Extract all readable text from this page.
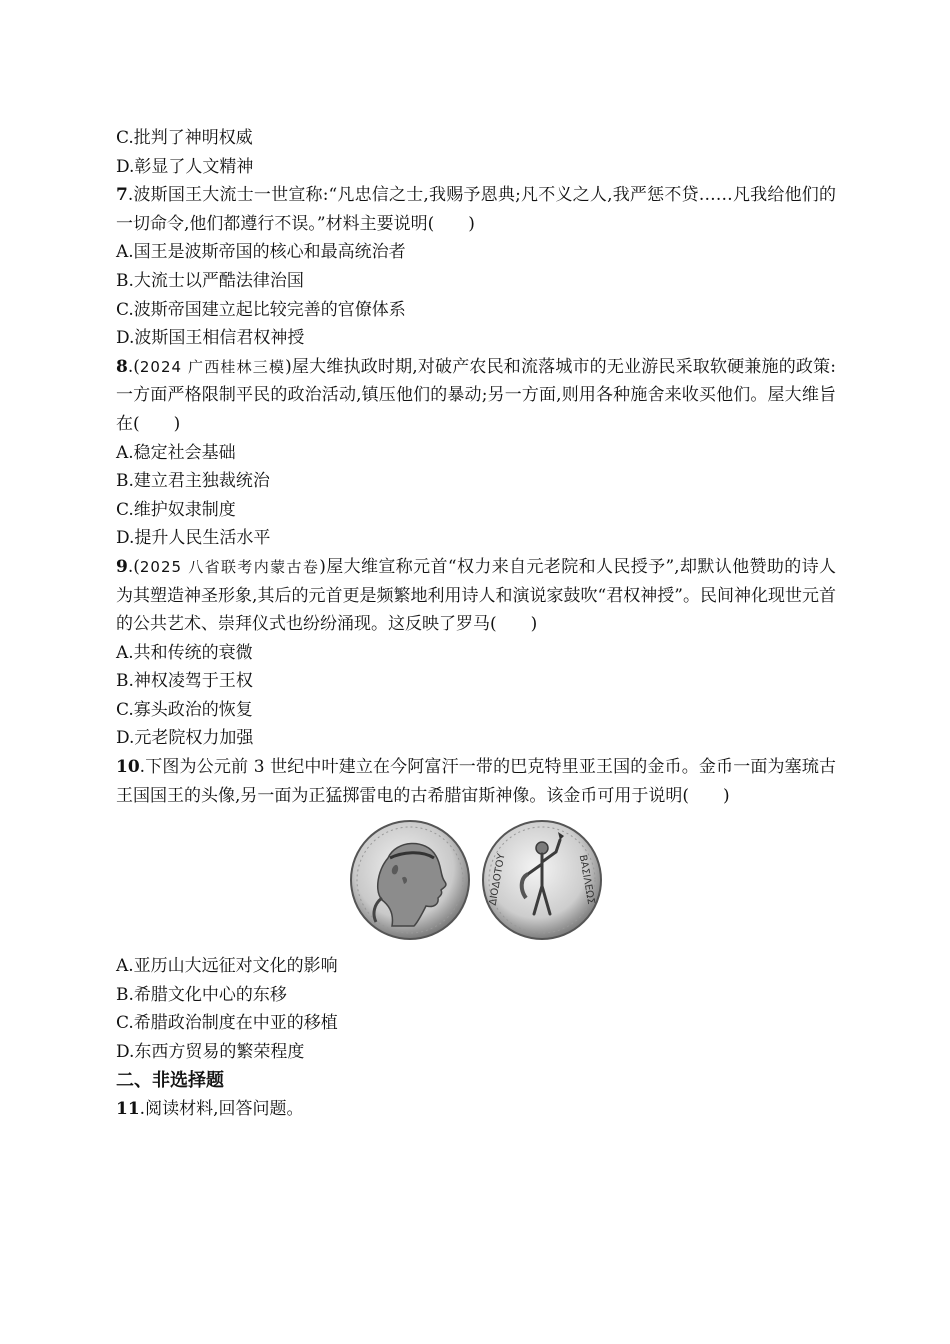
C.批判了神明权威
D.彰显了人文精神
7.波斯国王大流士一世宣称:“凡忠信之士,我赐予恩典;凡不义之人,我严惩不贷……凡我给他们的一切命令,他们都遵行不误。”材料主要说明(　　)
A.国王是波斯帝国的核心和最高统治者
B.大流士以严酷法律治国
C.波斯帝国建立起比较完善的官僚体系
D.波斯国王相信君权神授
8.(2024 广西桂林三模)屋大维执政时期,对破产农民和流落城市的无业游民采取软硬兼施的政策:一方面严格限制平民的政治活动,镇压他们的暴动;另一方面,则用各种施舍来收买他们。屋大维旨在(　　)
A.稳定社会基础
B.建立君主独裁统治
C.维护奴隶制度
D.提升人民生活水平
9.(2025 八省联考内蒙古卷)屋大维宣称元首“权力来自元老院和人民授予”,却默认他赞助的诗人为其塑造神圣形象,其后的元首更是频繁地利用诗人和演说家鼓吹“君权神授”。民间神化现世元首的公共艺术、崇拜仪式也纷纷涌现。这反映了罗马(　　)
A.共和传统的衰微
B.神权凌驾于王权
C.寡头政治的恢复
D.元老院权力加强
10.下图为公元前 3 世纪中叶建立在今阿富汗一带的巴克特里亚王国的金币。金币一面为塞琉古王国国王的头像,另一面为正猛掷雷电的古希腊宙斯神像。该金币可用于说明(　　)
ΔΙΟΔΟΤΟΥ	ΒΑΣΙΛΕΩΣ
A.亚历山大远征对文化的影响
B.希腊文化中心的东移
C.希腊政治制度在中亚的移植
D.东西方贸易的繁荣程度
二、非选择题
11.阅读材料,回答问题。
